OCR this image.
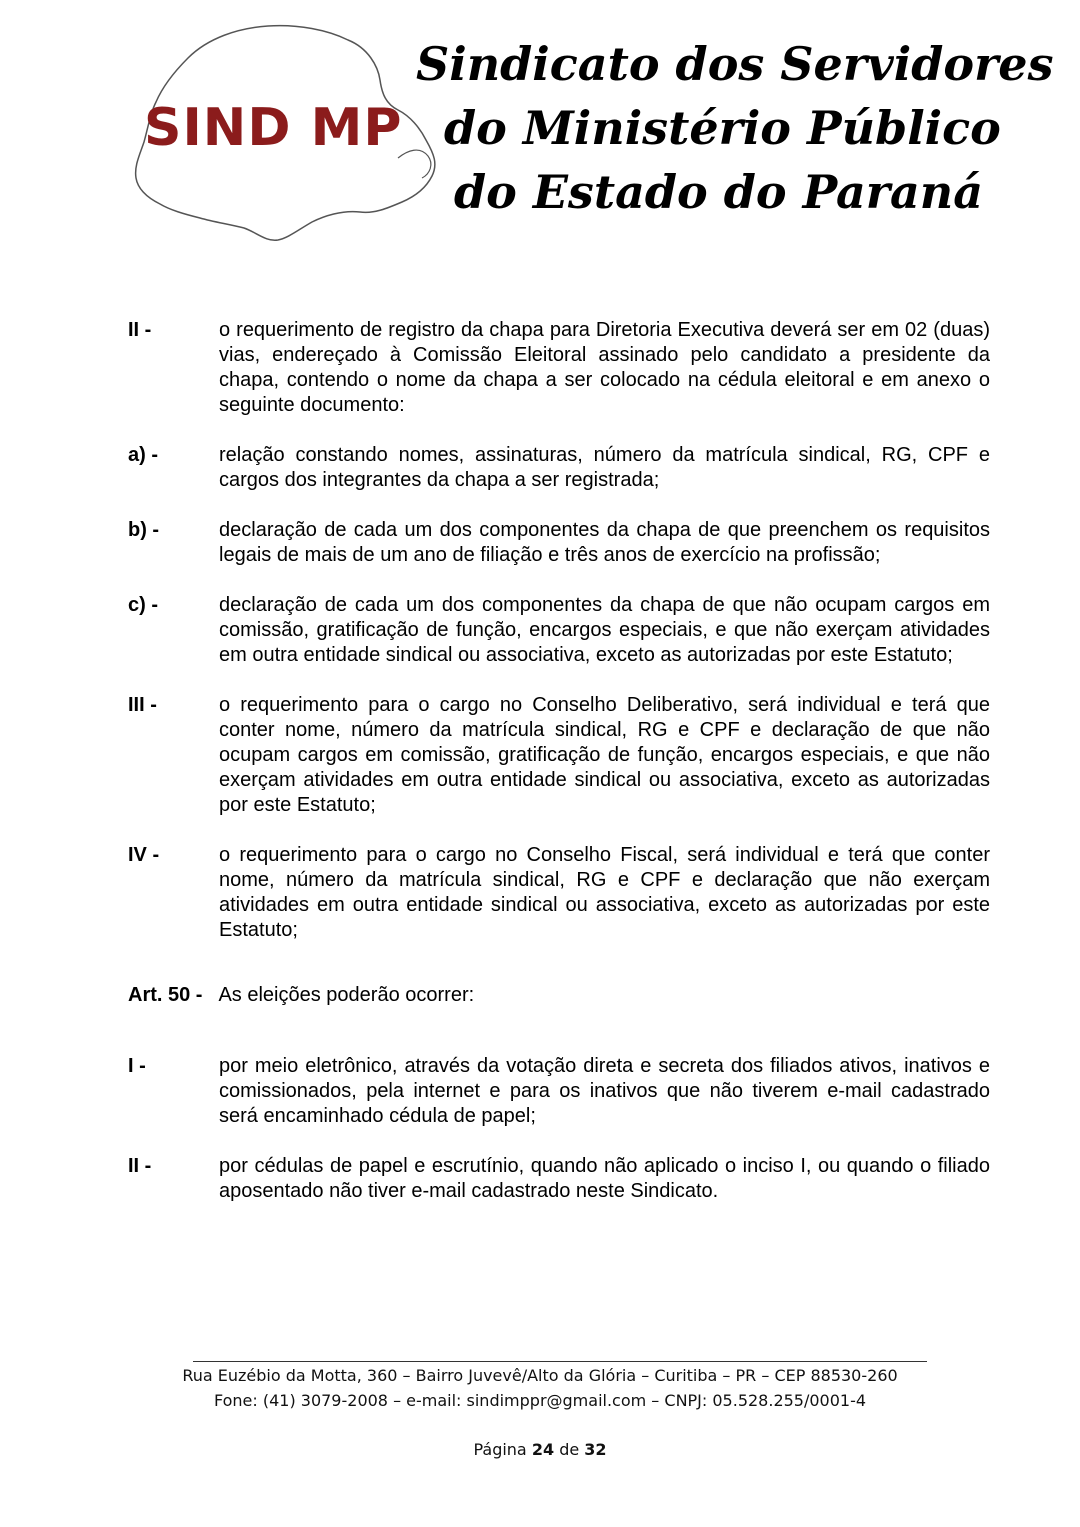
SIND MP
Sindicato dos Servidores
do Ministério Público
do Estado do Paraná
II -	o requerimento de registro da chapa para Diretoria Executiva deverá ser em 02 (duas) vias, endereçado à Comissão Eleitoral assinado pelo candidato a presidente da chapa, contendo o nome da chapa a ser colocado na cédula eleitoral e em anexo o seguinte documento:
a) -	relação constando nomes, assinaturas, número da matrícula sindical, RG, CPF e cargos dos integrantes da chapa a ser registrada;
b) -	declaração de cada um dos componentes da chapa de que preenchem os requisitos legais de mais de um ano de filiação e três anos de exercício na profissão;
c) -	declaração de cada um dos componentes da chapa de que não ocupam cargos em comissão, gratificação de função, encargos especiais, e que não exerçam atividades em outra entidade sindical ou associativa, exceto as autorizadas por este Estatuto;
III -	o requerimento para o cargo no Conselho Deliberativo, será individual e terá que conter nome, número da matrícula sindical, RG e CPF e declaração de que não ocupam cargos em comissão, gratificação de função, encargos especiais, e que não exerçam atividades em outra entidade sindical ou associativa, exceto as autorizadas por este Estatuto;
IV -	o requerimento para o cargo no Conselho Fiscal, será individual e terá que conter nome, número da matrícula sindical, RG e CPF e declaração que não exerçam atividades em outra entidade sindical ou associativa, exceto as autorizadas por este Estatuto;
Art. 50 - As eleições poderão ocorrer:
I -	por meio eletrônico, através da votação direta e secreta dos filiados ativos, inativos e comissionados, pela internet e para os inativos que não tiverem e-mail cadastrado será encaminhado cédula de papel;
II -	por cédulas de papel e escrutínio, quando não aplicado o inciso I, ou quando o filiado aposentado não tiver e-mail cadastrado neste Sindicato.
Rua Euzébio da Motta, 360 – Bairro Juvevê/Alto da Glória – Curitiba – PR – CEP 88530-260
Fone: (41) 3079-2008 – e-mail: sindimppr@gmail.com – CNPJ: 05.528.255/0001-4
Página 24 de 32
